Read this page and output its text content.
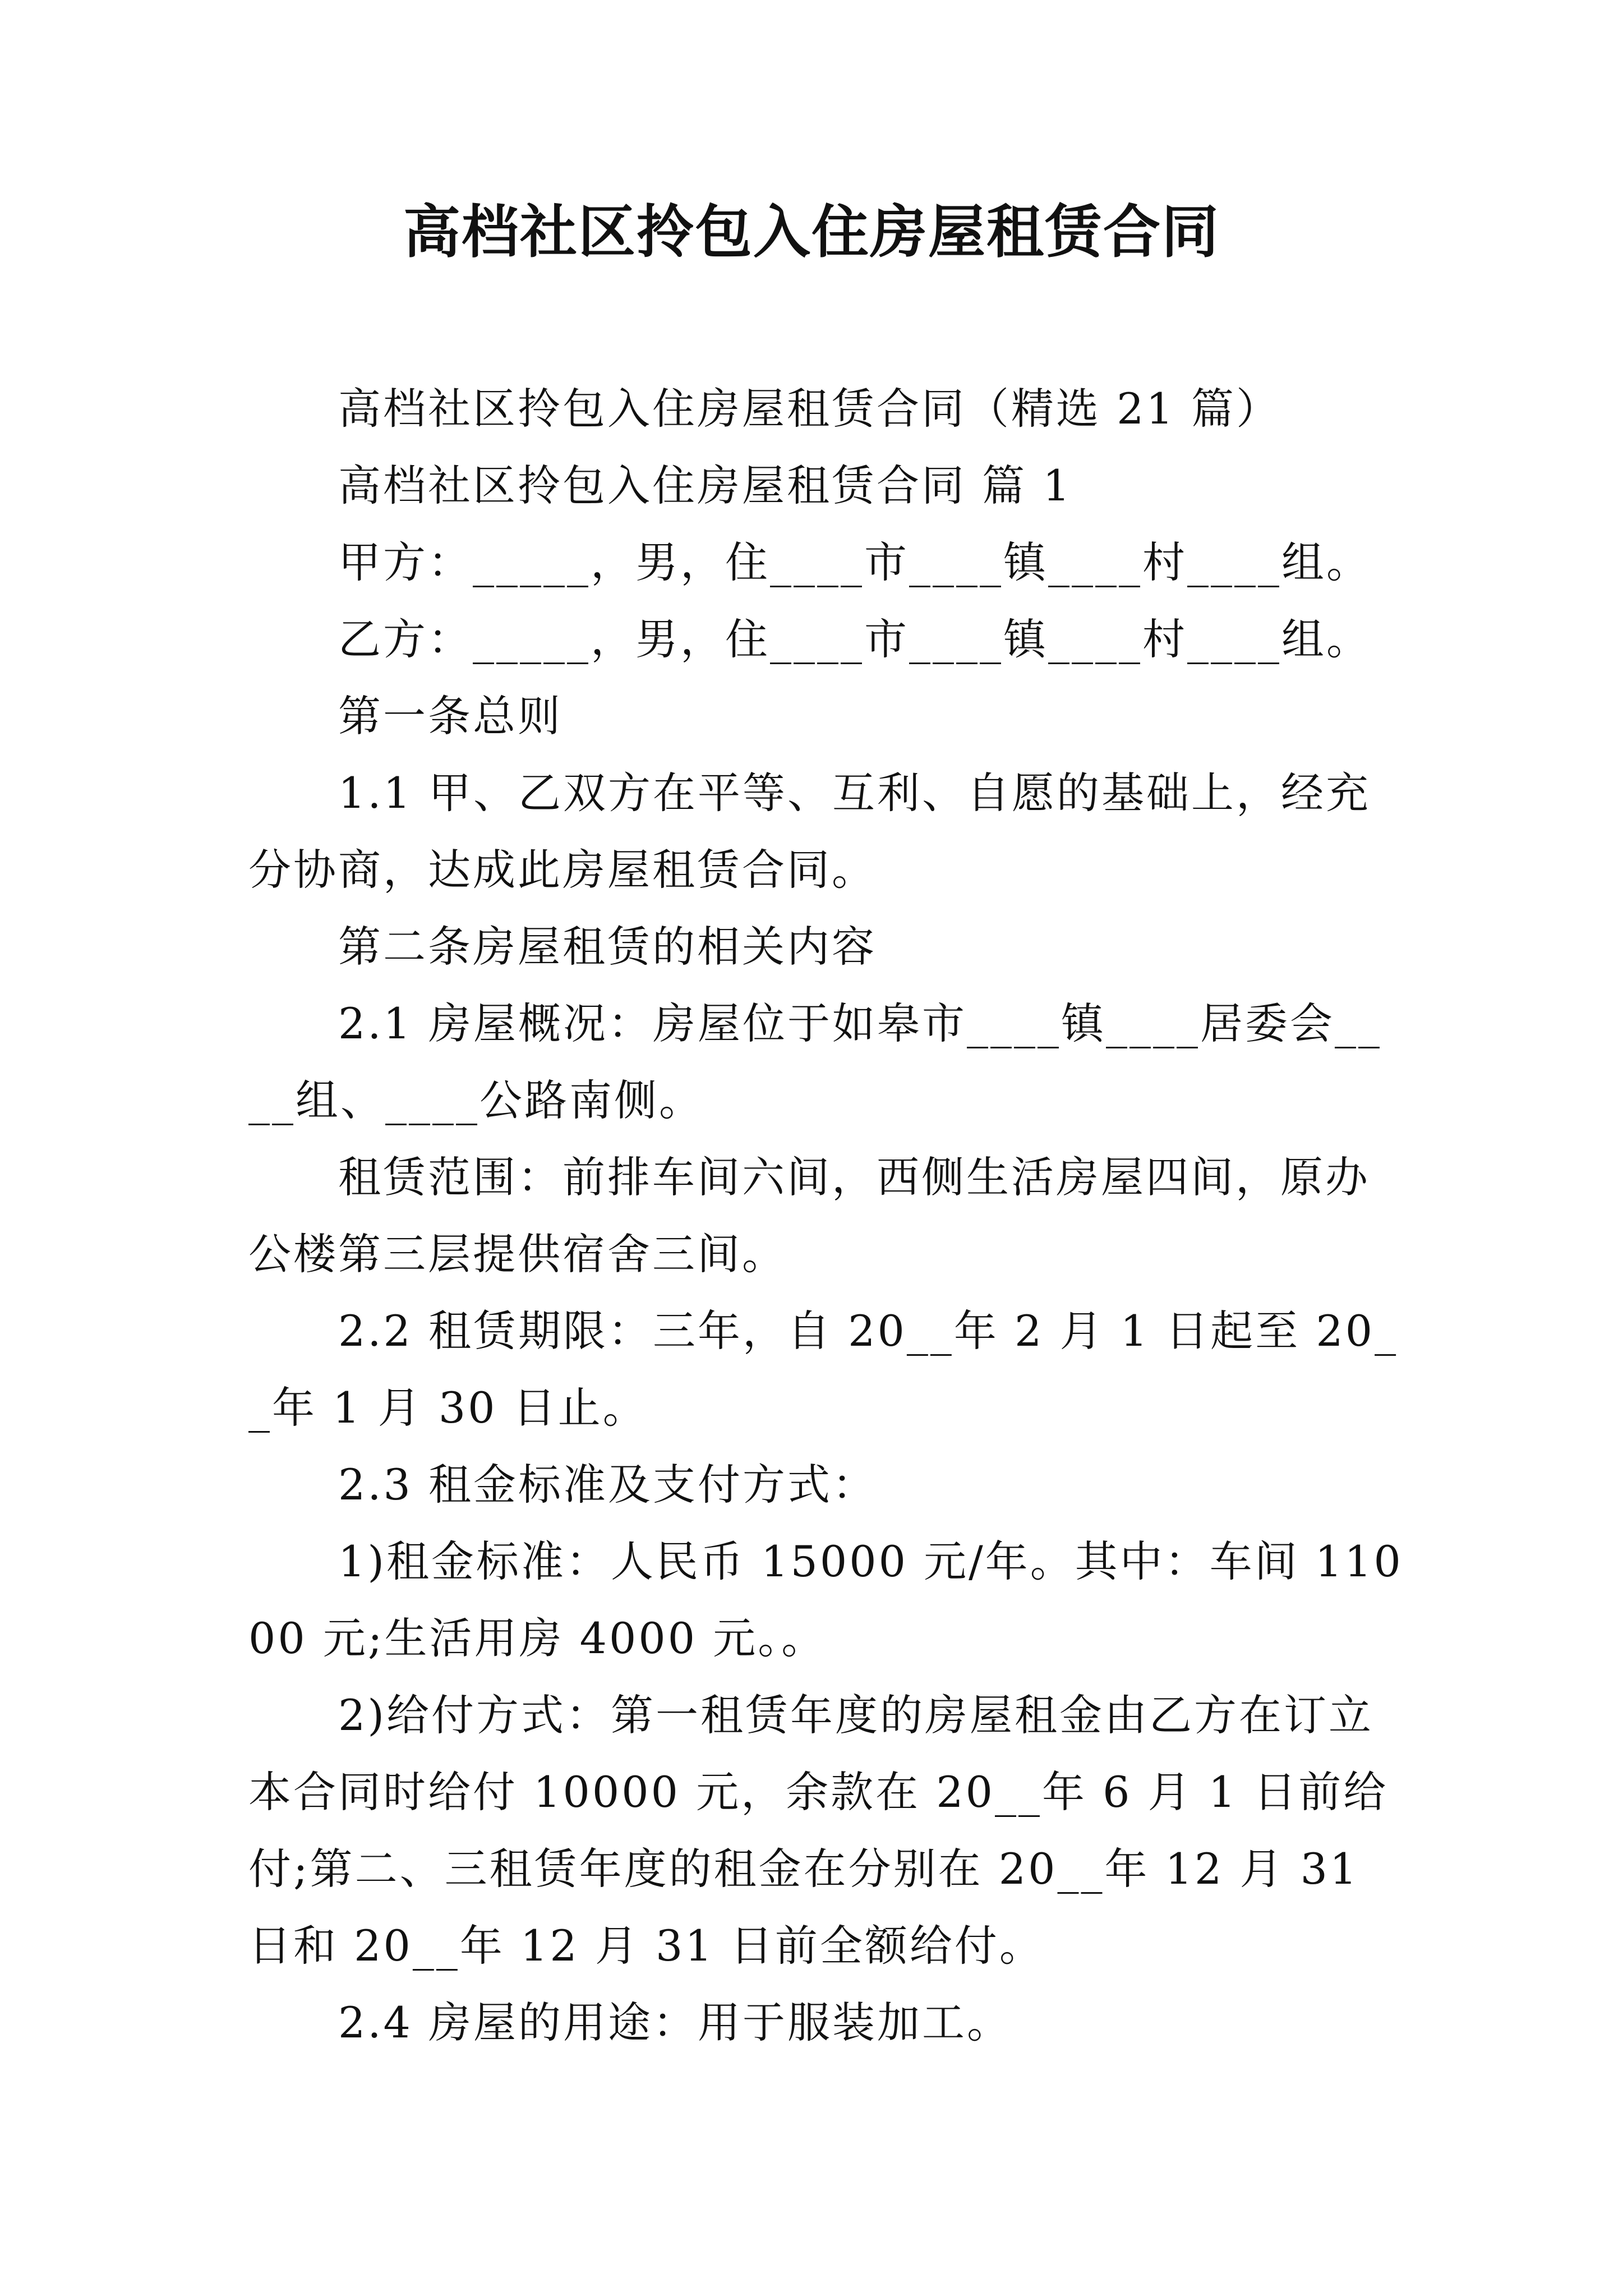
高档社区拎包入住房屋租赁合同

高档社区拎包入住房屋租赁合同（精选 21 篇）

高档社区拎包入住房屋租赁合同 篇 1

甲方：_____，男，住____市____镇____村____组。

乙方：_____，男，住____市____镇____村____组。

第一条总则

1.1 甲、乙双方在平等、互利、自愿的基础上，经充分协商，达成此房屋租赁合同。

第二条房屋租赁的相关内容

2.1 房屋概况：房屋位于如皋市____镇____居委会____组、____公路南侧。

租赁范围：前排车间六间，西侧生活房屋四间，原办公楼第三层提供宿舍三间。

2.2 租赁期限：三年，自 20__年 2 月 1 日起至 20__年 1 月 30 日止。

2.3 租金标准及支付方式：

1)租金标准：人民币 15000 元/年。其中：车间 11000 元;生活用房 4000 元。。

2)给付方式：第一租赁年度的房屋租金由乙方在订立本合同时给付 10000 元，余款在 20__年 6 月 1 日前给付;第二、三租赁年度的租金在分别在 20__年 12 月 31 日和 20__年 12 月 31 日前全额给付。

2.4 房屋的用途：用于服装加工。
